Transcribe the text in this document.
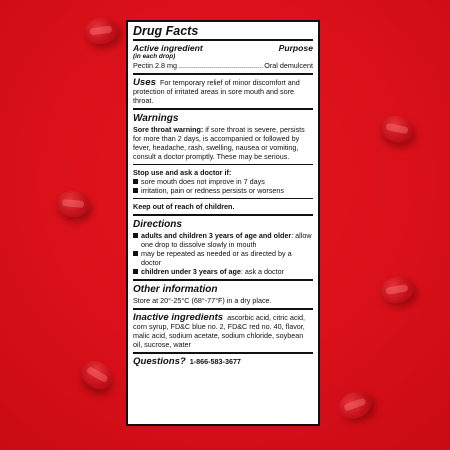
Drug Facts
Active ingredient	Purpose
(in each drop)
Pectin 2.8 mg
.....	Oral demulcent

Uses For temporary relief of minor discomfort and protection of irritated areas in sore mouth and sore throat.

Warnings

Sore throat warning: if sore throat is severe, persists for more than 2 days, is accompanied or followed by fever, headache, rash, swelling, nausea or vomiting, consult a doctor promptly. These may be serious.

Stop use and ask a doctor if:
sore mouth does not improve in 7 days
irritation, pain or redness persists or worsens
Keep out of reach of children.
Directions
adults and children 3 years of age and older: allow one drop to dissolve slowly in mouth
may be repeated as needed or as directed by a doctor
children under 3 years of age: ask a doctor
Other information

Store at 20°-25°C (68°-77°F) in a dry place.

Inactive ingredients ascorbic acid, citric acid, corn syrup, FD&C blue no. 2, FD&C red no. 40, flavor, malic acid, sodium acetate, sodium chloride, soybean oil, sucrose, water

Questions? 1-866-583-3677
